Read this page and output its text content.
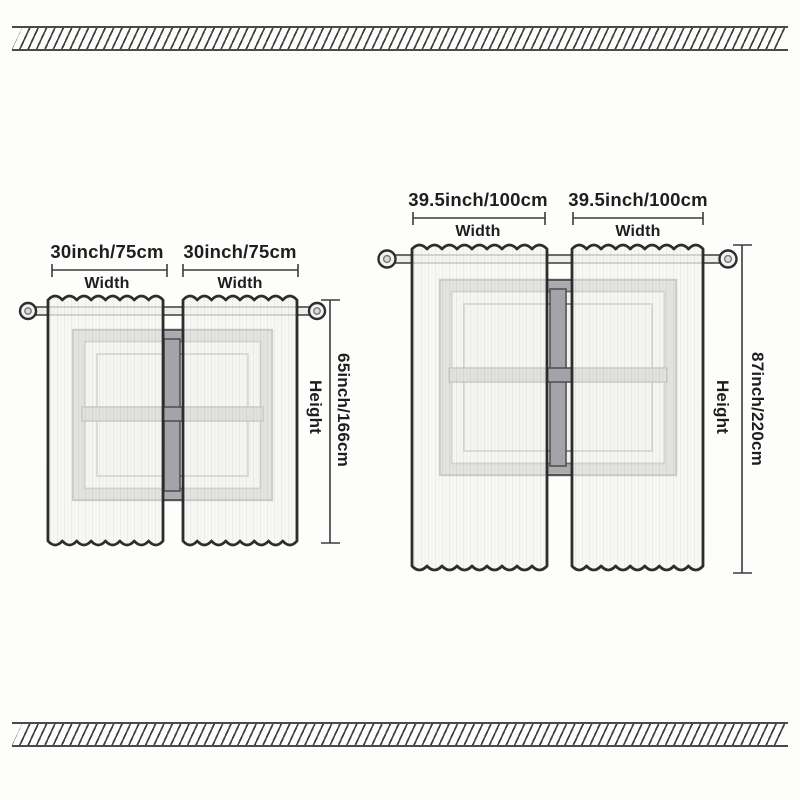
30inch/75cm 30inch/75cm
Width	Width
65inch/166cm
Height
39.5inch/100cm 39.5inch/100cm
Width	Width
87inch/220cm
Height
